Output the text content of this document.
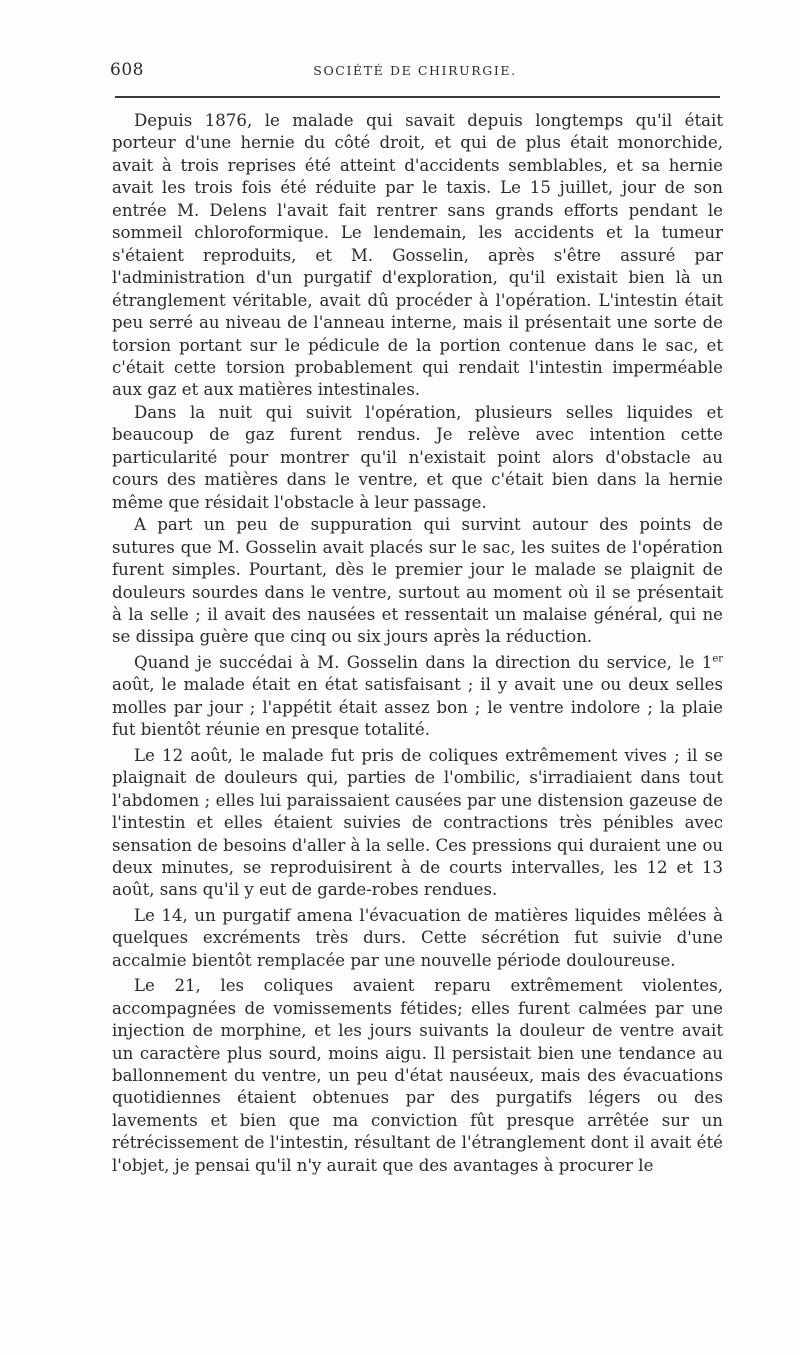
608	SOCIÉTÉ DE CHIRURGIE.

Depuis 1876, le malade qui savait depuis longtemps qu'il était porteur d'une hernie du côté droit, et qui de plus était monorchide, avait à trois reprises été atteint d'accidents semblables, et sa hernie avait les trois fois été réduite par le taxis. Le 15 juillet, jour de son entrée M. Delens l'avait fait rentrer sans grands efforts pendant le sommeil chloroformique. Le lendemain, les accidents et la tumeur s'étaient reproduits, et M. Gosselin, après s'être assuré par l'administration d'un purgatif d'exploration, qu'il existait bien là un étranglement véritable, avait dû procéder à l'opération. L'intestin était peu serré au niveau de l'anneau interne, mais il présentait une sorte de torsion portant sur le pédicule de la portion contenue dans le sac, et c'était cette torsion probablement qui rendait l'intestin imperméable aux gaz et aux matières intestinales.

Dans la nuit qui suivit l'opération, plusieurs selles liquides et beaucoup de gaz furent rendus. Je relève avec intention cette particularité pour montrer qu'il n'existait point alors d'obstacle au cours des matières dans le ventre, et que c'était bien dans la hernie même que résidait l'obstacle à leur passage.

A part un peu de suppuration qui survint autour des points de sutures que M. Gosselin avait placés sur le sac, les suites de l'opération furent simples. Pourtant, dès le premier jour le malade se plaignit de douleurs sourdes dans le ventre, surtout au moment où il se présentait à la selle ; il avait des nausées et ressentait un malaise général, qui ne se dissipa guère que cinq ou six jours après la réduction.

Quand je succédai à M. Gosselin dans la direction du service, le 1er août, le malade était en état satisfaisant ; il y avait une ou deux selles molles par jour ; l'appétit était assez bon ; le ventre indolore ; la plaie fut bientôt réunie en presque totalité.

Le 12 août, le malade fut pris de coliques extrêmement vives ; il se plaignait de douleurs qui, parties de l'ombilic, s'irradiaient dans tout l'abdomen ; elles lui paraissaient causées par une distension gazeuse de l'intestin et elles étaient suivies de contractions très pénibles avec sensation de besoins d'aller à la selle. Ces pressions qui duraient une ou deux minutes, se reproduisirent à de courts intervalles, les 12 et 13 août, sans qu'il y eut de garde-robes rendues.

Le 14, un purgatif amena l'évacuation de matières liquides mêlées à quelques excréments très durs. Cette sécrétion fut suivie d'une accalmie bientôt remplacée par une nouvelle période douloureuse.

Le 21, les coliques avaient reparu extrêmement violentes, accompagnées de vomissements fétides; elles furent calmées par une injection de morphine, et les jours suivants la douleur de ventre avait un caractère plus sourd, moins aigu. Il persistait bien une tendance au ballonnement du ventre, un peu d'état nauséeux, mais des évacuations quotidiennes étaient obtenues par des purgatifs légers ou des lavements et bien que ma conviction fût presque arrêtée sur un rétrécissement de l'intestin, résultant de l'étranglement dont il avait été l'objet, je pensai qu'il n'y aurait que des avantages à procurer le
